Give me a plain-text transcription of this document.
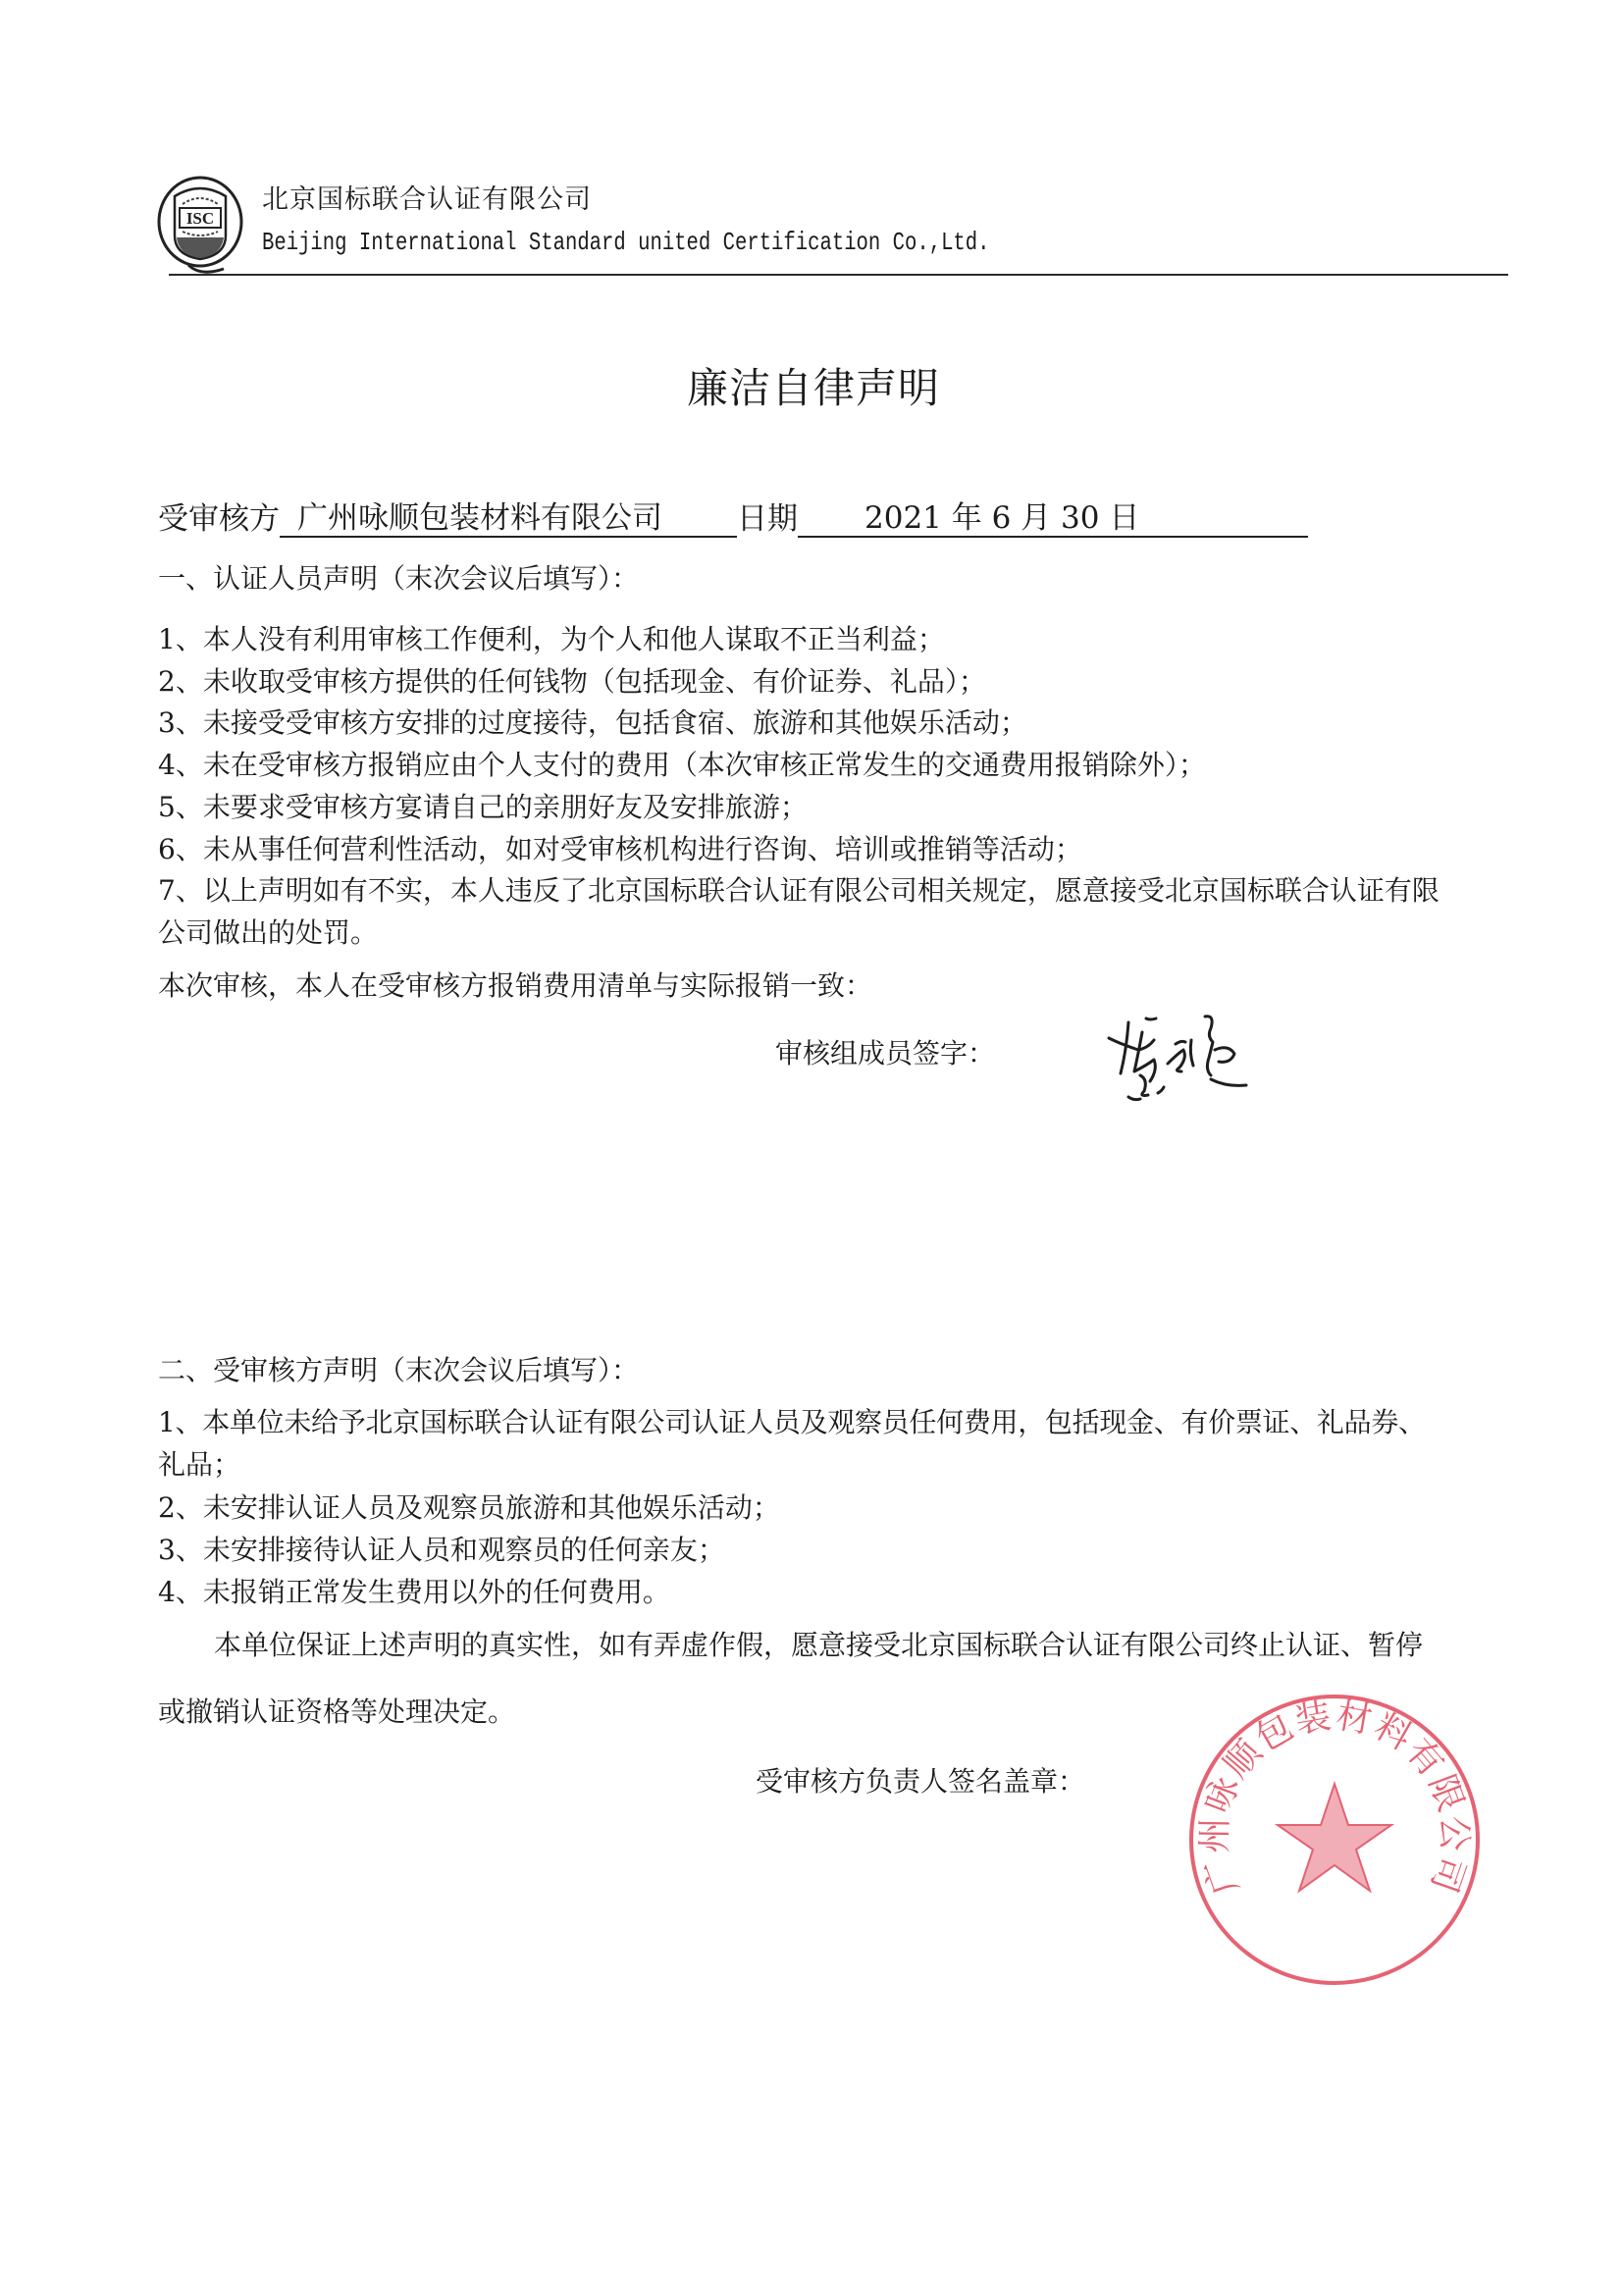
ISC
北京国标联合认证有限公司
Beijing International Standard united Certification Co.,Ltd.
廉洁自律声明
受审核方 广州咏顺包装材料有限公司 日期 2021 年 6 月 30 日
一、认证人员声明（末次会议后填写）：
1、本人没有利用审核工作便利，为个人和他人谋取不正当利益；
2、未收取受审核方提供的任何钱物（包括现金、有价证券、礼品）；
3、未接受受审核方安排的过度接待，包括食宿、旅游和其他娱乐活动；
4、未在受审核方报销应由个人支付的费用（本次审核正常发生的交通费用报销除外）；
5、未要求受审核方宴请自己的亲朋好友及安排旅游；
6、未从事任何营利性活动，如对受审核机构进行咨询、培训或推销等活动；
7、以上声明如有不实，本人违反了北京国标联合认证有限公司相关规定，愿意接受北京国标联合认证有限
公司做出的处罚。
本次审核，本人在受审核方报销费用清单与实际报销一致：
审核组成员签字：
二、受审核方声明（末次会议后填写）：
1、本单位未给予北京国标联合认证有限公司认证人员及观察员任何费用，包括现金、有价票证、礼品券、
礼品；
2、未安排认证人员及观察员旅游和其他娱乐活动；
3、未安排接待认证人员和观察员的任何亲友；
4、未报销正常发生费用以外的任何费用。
本单位保证上述声明的真实性，如有弄虚作假，愿意接受北京国标联合认证有限公司终止认证、暂停
或撤销认证资格等处理决定。
受审核方负责人签名盖章：
广州咏顺包装材料有限公司
